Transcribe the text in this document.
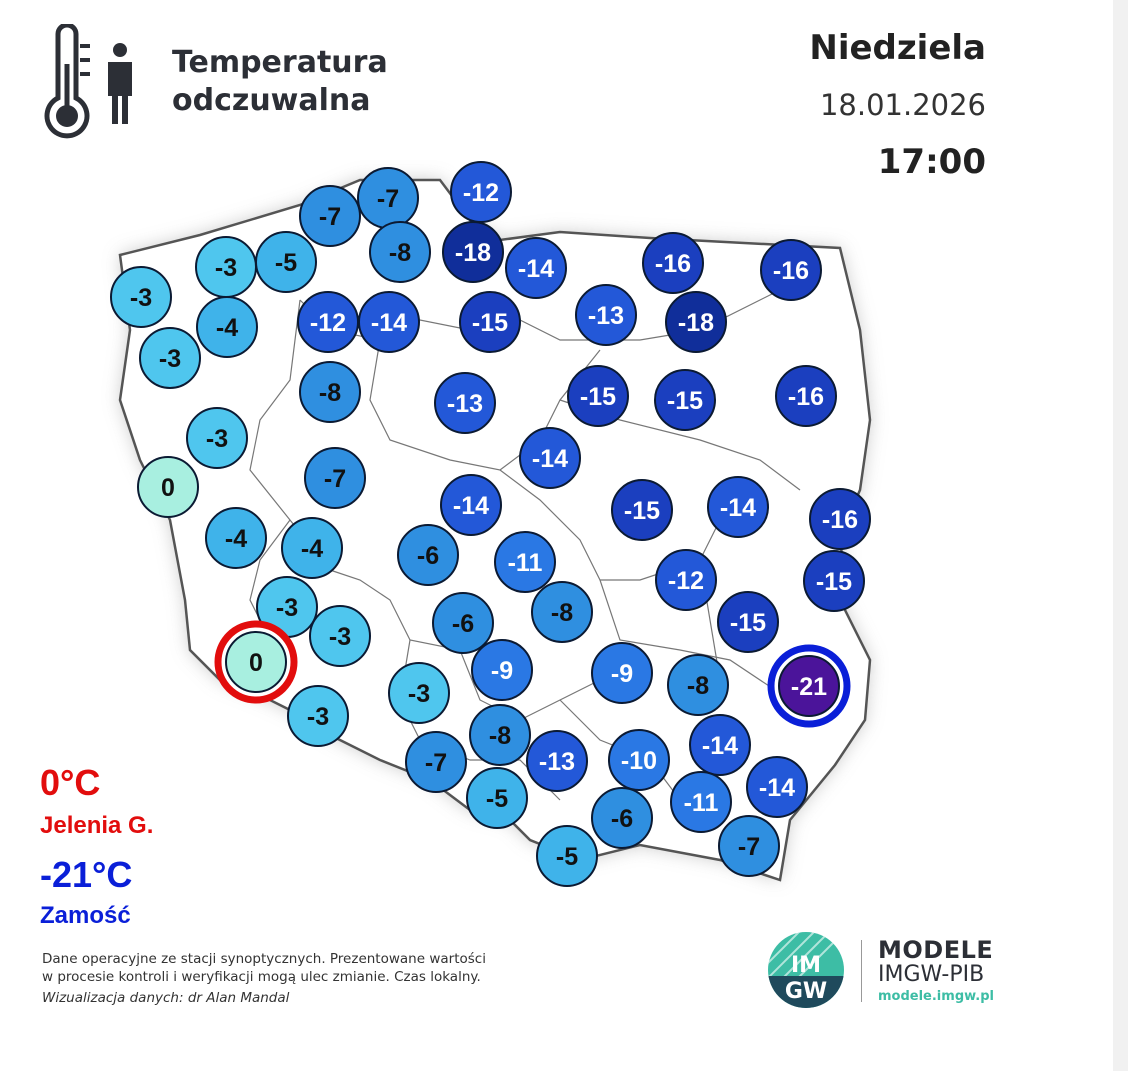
Temperatura
odczuwalna
Niedziela
18.01.2026
17:00
-3
-3 -5
-7
-7
-8
-12
-18
-14	-16	-16
-4
-3
-12 -14	-15	-13 -18
-8	-13	-15 -15	-16
-3
-14
0	-7
-14	-15 -14	-16
-4 -4	-6	-11
-12	-15
-3
-3	-6	-8	-15
0	-9	-9 -8	-21
-3
-3
-8
-7	-13 -10
-14
-14
-5
-6
-11
-5	-7
0°C
Jelenia G.
-21°C
Zamość
Dane operacyjne ze stacji synoptycznych. Prezentowane wartości
w procesie kontroli i weryfikacji mogą ulec zmianie. Czas lokalny.
Wizualizacja danych: dr Alan Mandal
IM
GW
MODELE
IMGW-PIB
modele.imgw.pl
